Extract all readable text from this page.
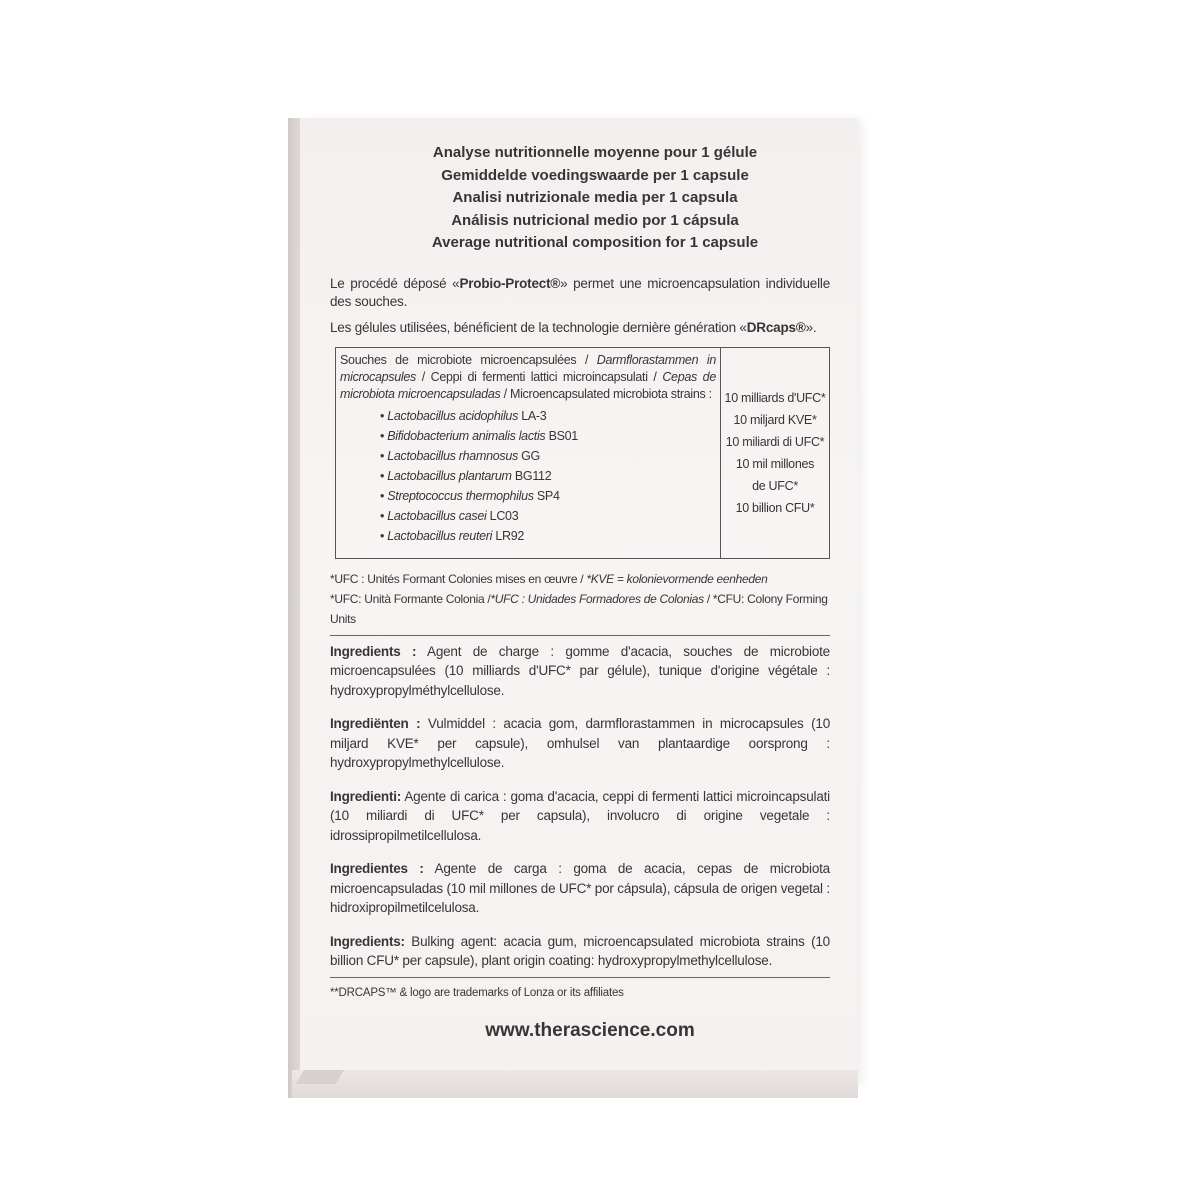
Analyse nutritionnelle moyenne pour 1 gélule
Gemiddelde voedingswaarde per 1 capsule
Analisi nutrizionale media per 1 capsula
Análisis nutricional medio por 1 cápsula
Average nutritional composition for 1 capsule

Le procédé déposé «Probio-Protect®» permet une microencapsulation individuelle des souches.

Les gélules utilisées, bénéficient de la technologie dernière génération «DRcaps®».

Souches de microbiote microencapsulées / Darmflorastammen in microcapsules / Ceppi di fermenti lattici microincapsulati / Cepas de microbiota microencapsuladas / Microencapsulated microbiota strains :
• Lactobacillus acidophilus LA-3
• Bifidobacterium animalis lactis BS01
• Lactobacillus rhamnosus GG
• Lactobacillus plantarum BG112
• Streptococcus thermophilus SP4
• Lactobacillus casei LC03
• Lactobacillus reuteri LR92
10 milliards d'UFC*
10 miljard KVE*
10 miliardi di UFC*
10 mil millones
de UFC*
10 billion CFU*
*UFC : Unités Formant Colonies mises en œuvre / *KVE = kolonievormende eenheden
*UFC: Unità Formante Colonia /*UFC : Unidades Formadores de Colonias / *CFU: Colony Forming Units

Ingredients : Agent de charge : gomme d'acacia, souches de microbiote microencapsulées (10 milliards d'UFC* par gélule), tunique d'origine végétale : hydroxypropylméthylcellulose.

Ingrediënten : Vulmiddel : acacia gom, darmflorastammen in microcapsules (10 miljard KVE* per capsule), omhulsel van plantaardige oorsprong : hydroxypropylmethylcellulose.

Ingredienti: Agente di carica : goma d'acacia, ceppi di fermenti lattici microincapsulati (10 miliardi di UFC* per capsula), involucro di origine vegetale : idrossipropilmetilcellulosa.

Ingredientes : Agente de carga : goma de acacia, cepas de microbiota microencapsuladas (10 mil millones de UFC* por cápsula), cápsula de origen vegetal : hidroxipropilmetilcelulosa.

Ingredients: Bulking agent: acacia gum, microencapsulated microbiota strains (10 billion CFU* per capsule), plant origin coating: hydroxypropylmethylcellulose.

**DRCAPS™ & logo are trademarks of Lonza or its affiliates
www.therascience.com
